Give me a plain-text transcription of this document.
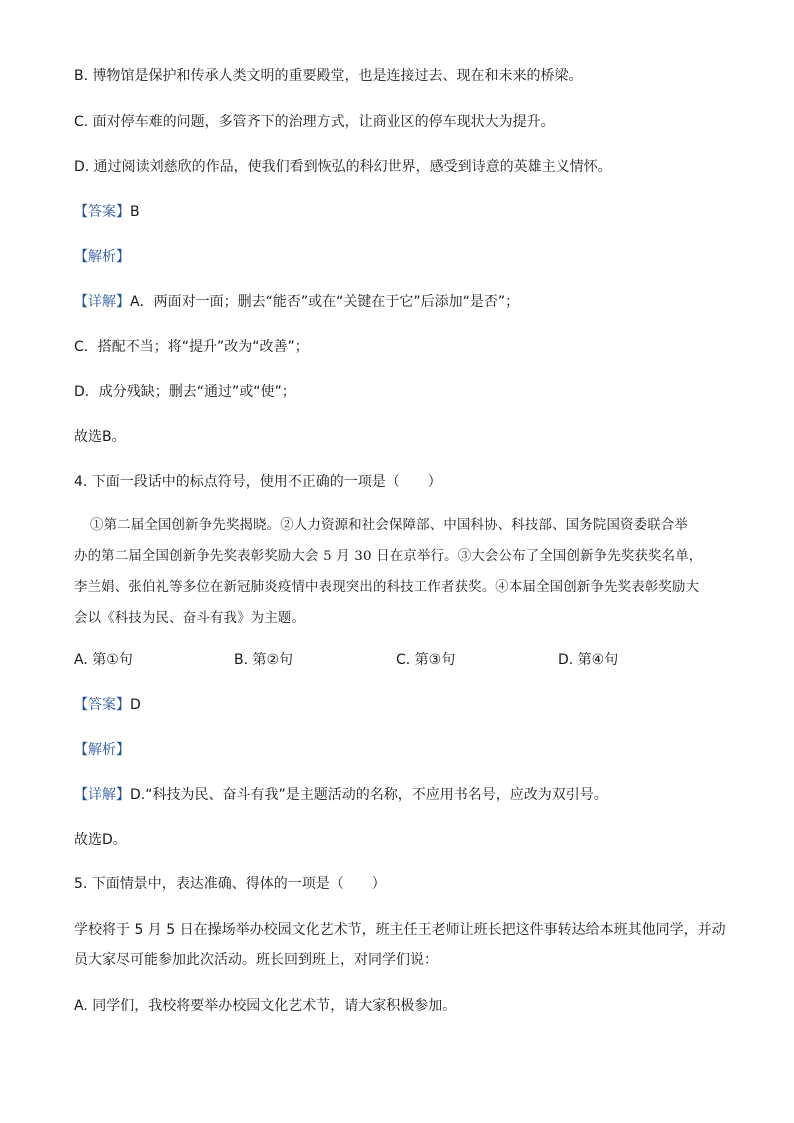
B. 博物馆是保护和传承人类文明的重要殿堂，也是连接过去、现在和未来的桥梁。
C. 面对停车难的问题，多管齐下的治理方式，让商业区的停车现状大为提升。
D. 通过阅读刘慈欣的作品，使我们看到恢弘的科幻世界，感受到诗意的英雄主义情怀。
【答案】B
【解析】
【详解】A．两面对一面；删去“能否”或在“关键在于它”后添加“是否”；
C．搭配不当；将“提升”改为“改善”；
D．成分残缺；删去“通过”或“使”；
故选B。
4. 下面一段话中的标点符号，使用不正确的一项是（　　）
①第二届全国创新争先奖揭晓。②人力资源和社会保障部、中国科协、科技部、国务院国资委联合举
办的第二届全国创新争先奖表彰奖励大会 5 月 30 日在京举行。③大会公布了全国创新争先奖获奖名单，
李兰娟、张伯礼等多位在新冠肺炎疫情中表现突出的科技工作者获奖。④本届全国创新争先奖表彰奖励大
会以《科技为民、奋斗有我》为主题。
A. 第①句	B. 第②句	C. 第③句	D. 第④句
【答案】D
【解析】
【详解】D.“科技为民、奋斗有我”是主题活动的名称，不应用书名号，应改为双引号。
故选D。
5. 下面情景中，表达准确、得体的一项是（　　）
学校将于 5 月 5 日在操场举办校园文化艺术节，班主任王老师让班长把这件事转达给本班其他同学，并动
员大家尽可能参加此次活动。班长回到班上，对同学们说：
A. 同学们，我校将要举办校园文化艺术节，请大家积极参加。
